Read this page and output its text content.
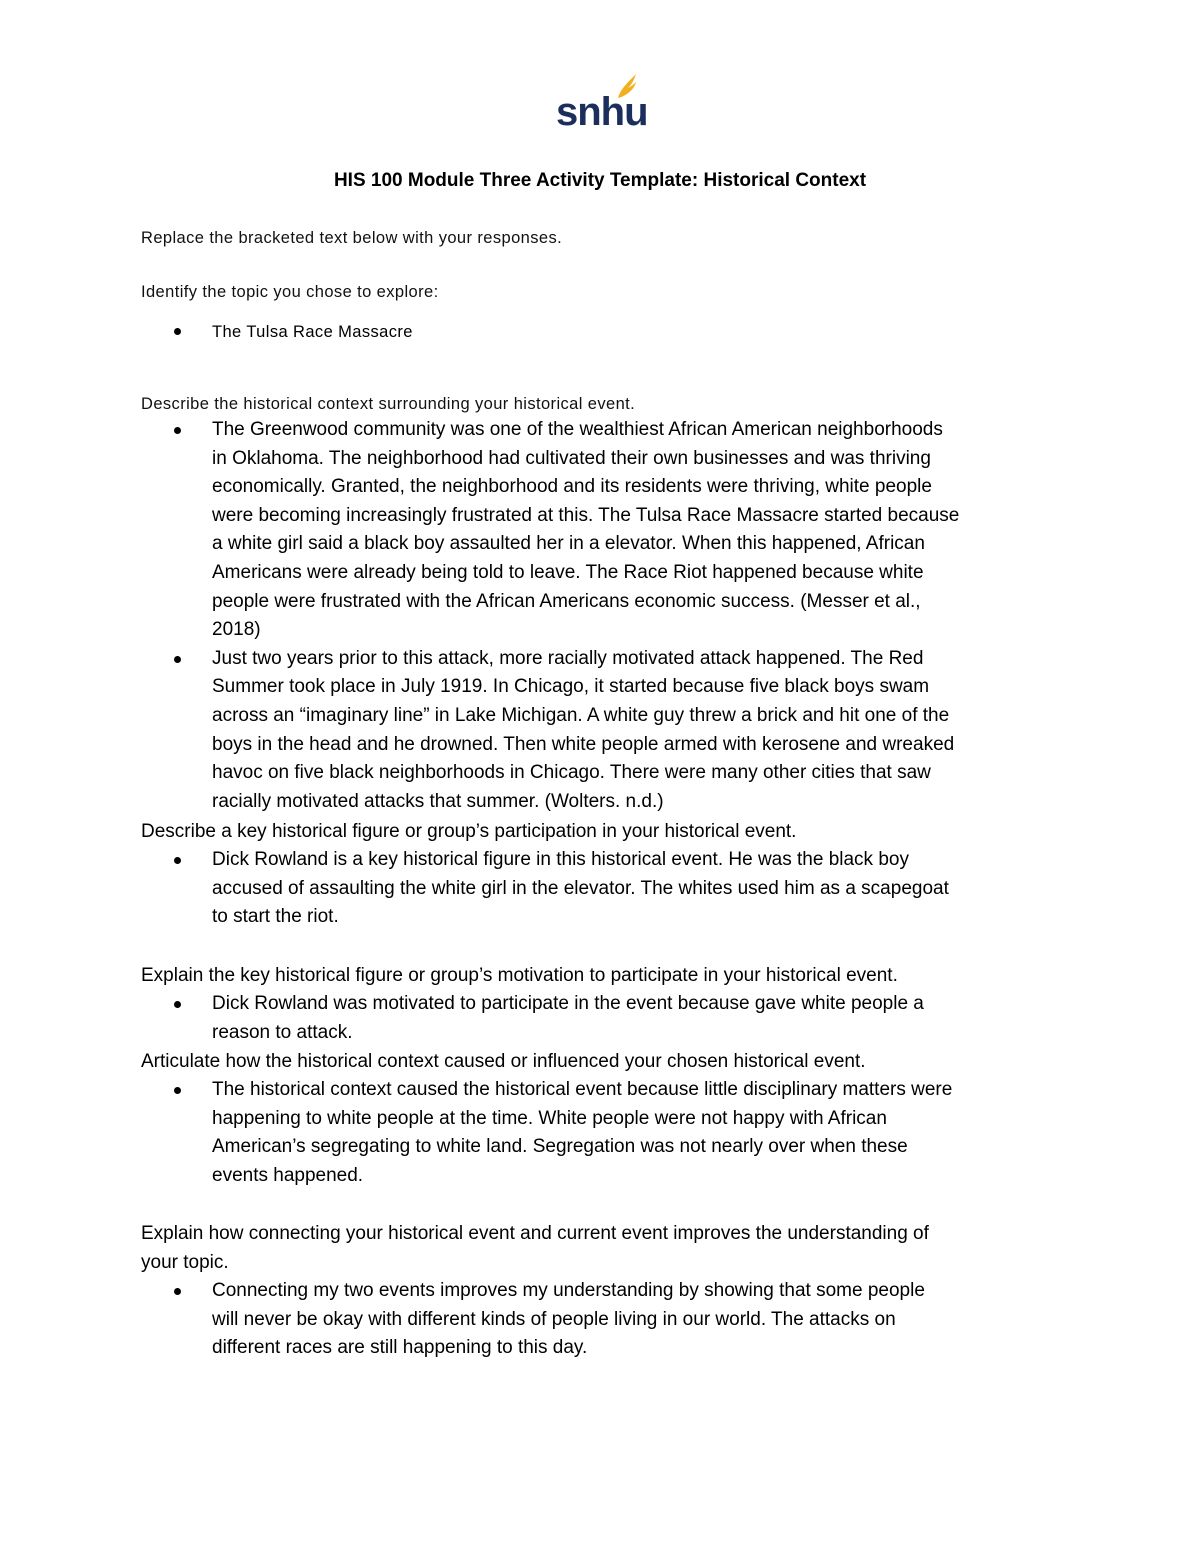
snhu
HIS 100 Module Three Activity Template: Historical Context
Replace the bracketed text below with your responses.
Identify the topic you chose to explore:
The Tulsa Race Massacre
Describe the historical context surrounding your historical event.
The Greenwood community was one of the wealthiest African American neighborhoods
in Oklahoma. The neighborhood had cultivated their own businesses and was thriving
economically. Granted, the neighborhood and its residents were thriving, white people
were becoming increasingly frustrated at this. The Tulsa Race Massacre started because
a white girl said a black boy assaulted her in a elevator. When this happened, African
Americans were already being told to leave. The Race Riot happened because white
people were frustrated with the African Americans economic success. (Messer et al.,
2018)
Just two years prior to this attack, more racially motivated attack happened. The Red
Summer took place in July 1919. In Chicago, it started because five black boys swam
across an “imaginary line” in Lake Michigan. A white guy threw a brick and hit one of the
boys in the head and he drowned. Then white people armed with kerosene and wreaked
havoc on five black neighborhoods in Chicago. There were many other cities that saw
racially motivated attacks that summer. (Wolters. n.d.)
Describe a key historical figure or group’s participation in your historical event.
Dick Rowland is a key historical figure in this historical event. He was the black boy
accused of assaulting the white girl in the elevator. The whites used him as a scapegoat
to start the riot.
Explain the key historical figure or group’s motivation to participate in your historical event.
Dick Rowland was motivated to participate in the event because gave white people a
reason to attack.
Articulate how the historical context caused or influenced your chosen historical event.
The historical context caused the historical event because little disciplinary matters were
happening to white people at the time. White people were not happy with African
American’s segregating to white land. Segregation was not nearly over when these
events happened.
Explain how connecting your historical event and current event improves the understanding of
your topic.
Connecting my two events improves my understanding by showing that some people
will never be okay with different kinds of people living in our world. The attacks on
different races are still happening to this day.
